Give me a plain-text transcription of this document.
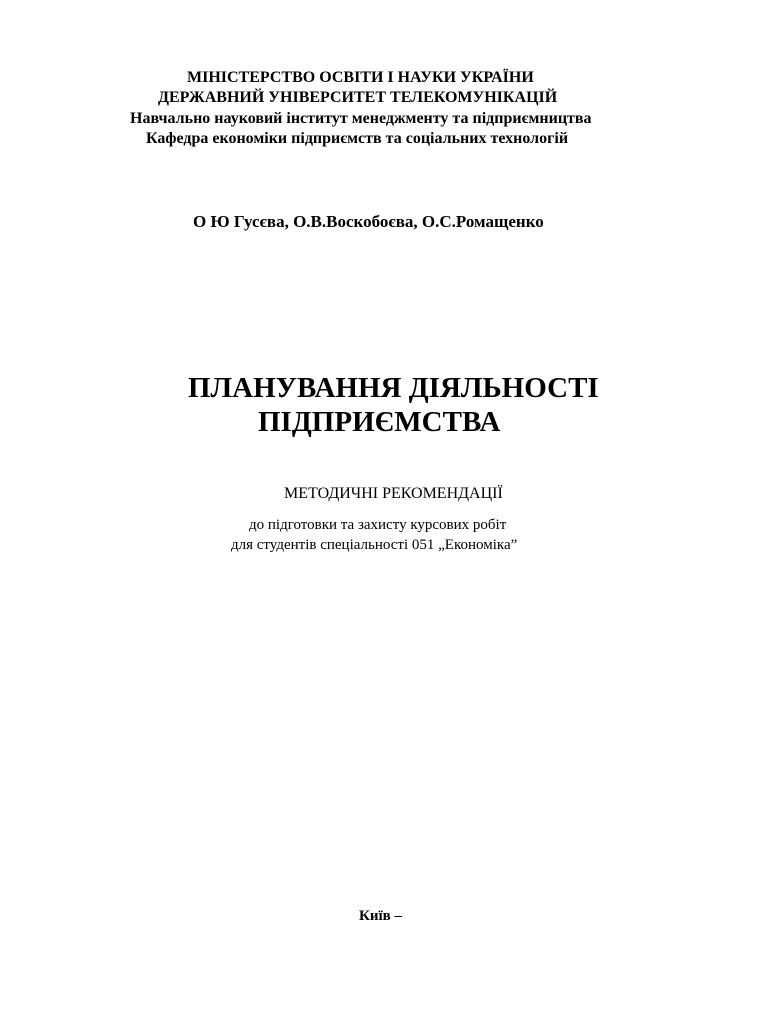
МІНІСТЕРСТВО ОСВІТИ І НАУКИ УКРАЇНИ
ДЕРЖАВНИЙ УНІВЕРСИТЕТ ТЕЛЕКОМУНІКАЦІЙ
Навчально науковий інститут менеджменту та підприємництва
Кафедра економіки підприємств та соціальних технологій
О Ю Гусєва, О.В.Воскобоєва, О.С.Ромащенко
ПЛАНУВАННЯ ДІЯЛЬНОСТІ
ПІДПРИЄМСТВА
МЕТОДИЧНІ РЕКОМЕНДАЦІЇ
до підготовки та захисту курсових робіт
для студентів спеціальності 051 „Економіка”
Київ –
